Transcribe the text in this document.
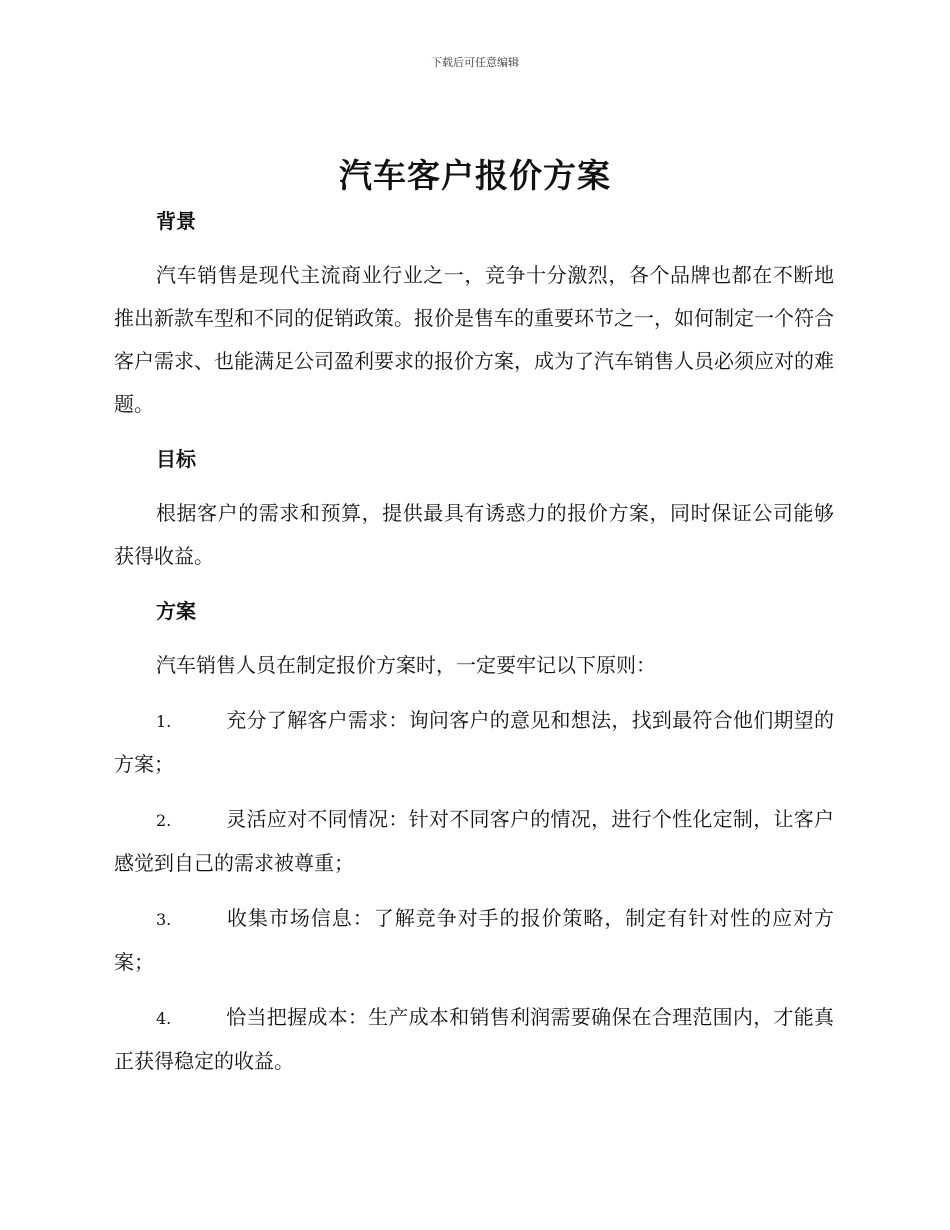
下载后可任意编辑
汽车客户报价方案
背景

汽车销售是现代主流商业行业之一，竞争十分激烈，各个品牌也都在不断地推出新款车型和不同的促销政策。报价是售车的重要环节之一，如何制定一个符合客户需求、也能满足公司盈利要求的报价方案，成为了汽车销售人员必须应对的难题。

目标

根据客户的需求和预算，提供最具有诱惑力的报价方案，同时保证公司能够获得收益。

方案

汽车销售人员在制定报价方案时，一定要牢记以下原则：

1.	充分了解客户需求：询问客户的意见和想法，找到最符合他们期望的方案；

2.	灵活应对不同情况：针对不同客户的情况，进行个性化定制，让客户感觉到自己的需求被尊重；

3.	收集市场信息：了解竞争对手的报价策略，制定有针对性的应对方案；

4.	恰当把握成本：生产成本和销售利润需要确保在合理范围内，才能真正获得稳定的收益。
